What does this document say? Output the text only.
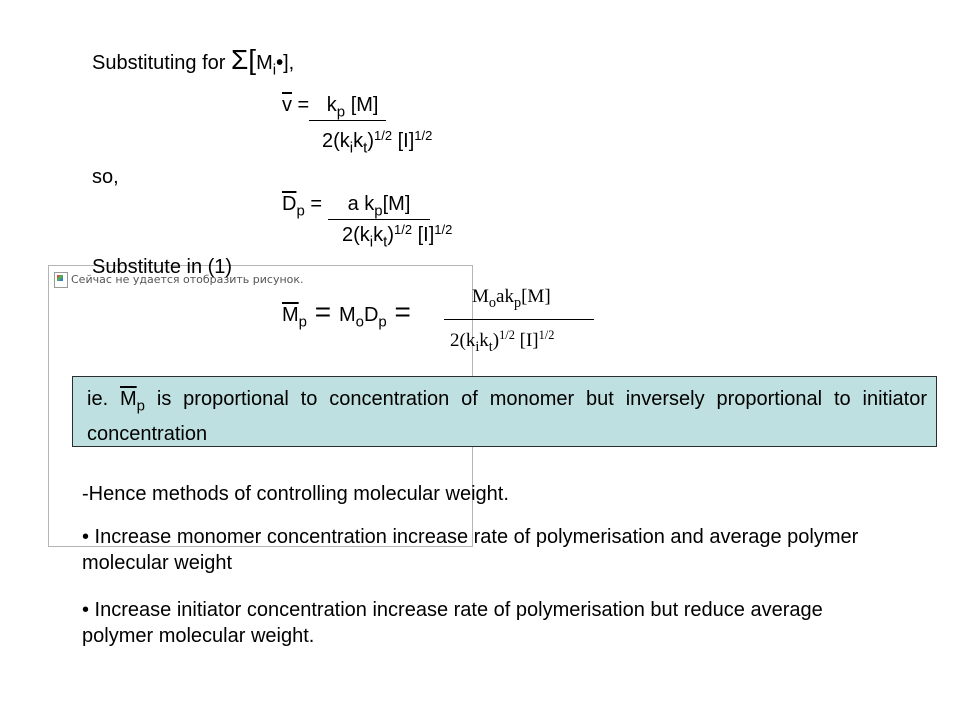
Substituting for $\Sigma[M_i•]$,
$\overline{v} = k_p$ [M]
$2(k_ik_t)^{1/2}$ $[I]^{1/2}$
so,
$\overline{D}_p = a$ $k_p[M]$
$2(k_ik_t)^{1/2}$ $[I]^{1/2}$
Сейчас не удается отобразить рисунок.
Substitute in (1)
$\overline{M}_p = M_oD_p$ =	$M_oak_p[M]$
$2(k_ik_t)^{1/2}$ $[I]^{1/2}$

ie. $\overline{M}_p$ is proportional to concentration of monomer but inversely proportional to initiator concentration

-Hence methods of controlling molecular weight.
• Increase monomer concentration increase rate of polymerisation and average polymer molecular weight
• Increase initiator concentration increase rate of polymerisation but reduce average polymer molecular weight.
